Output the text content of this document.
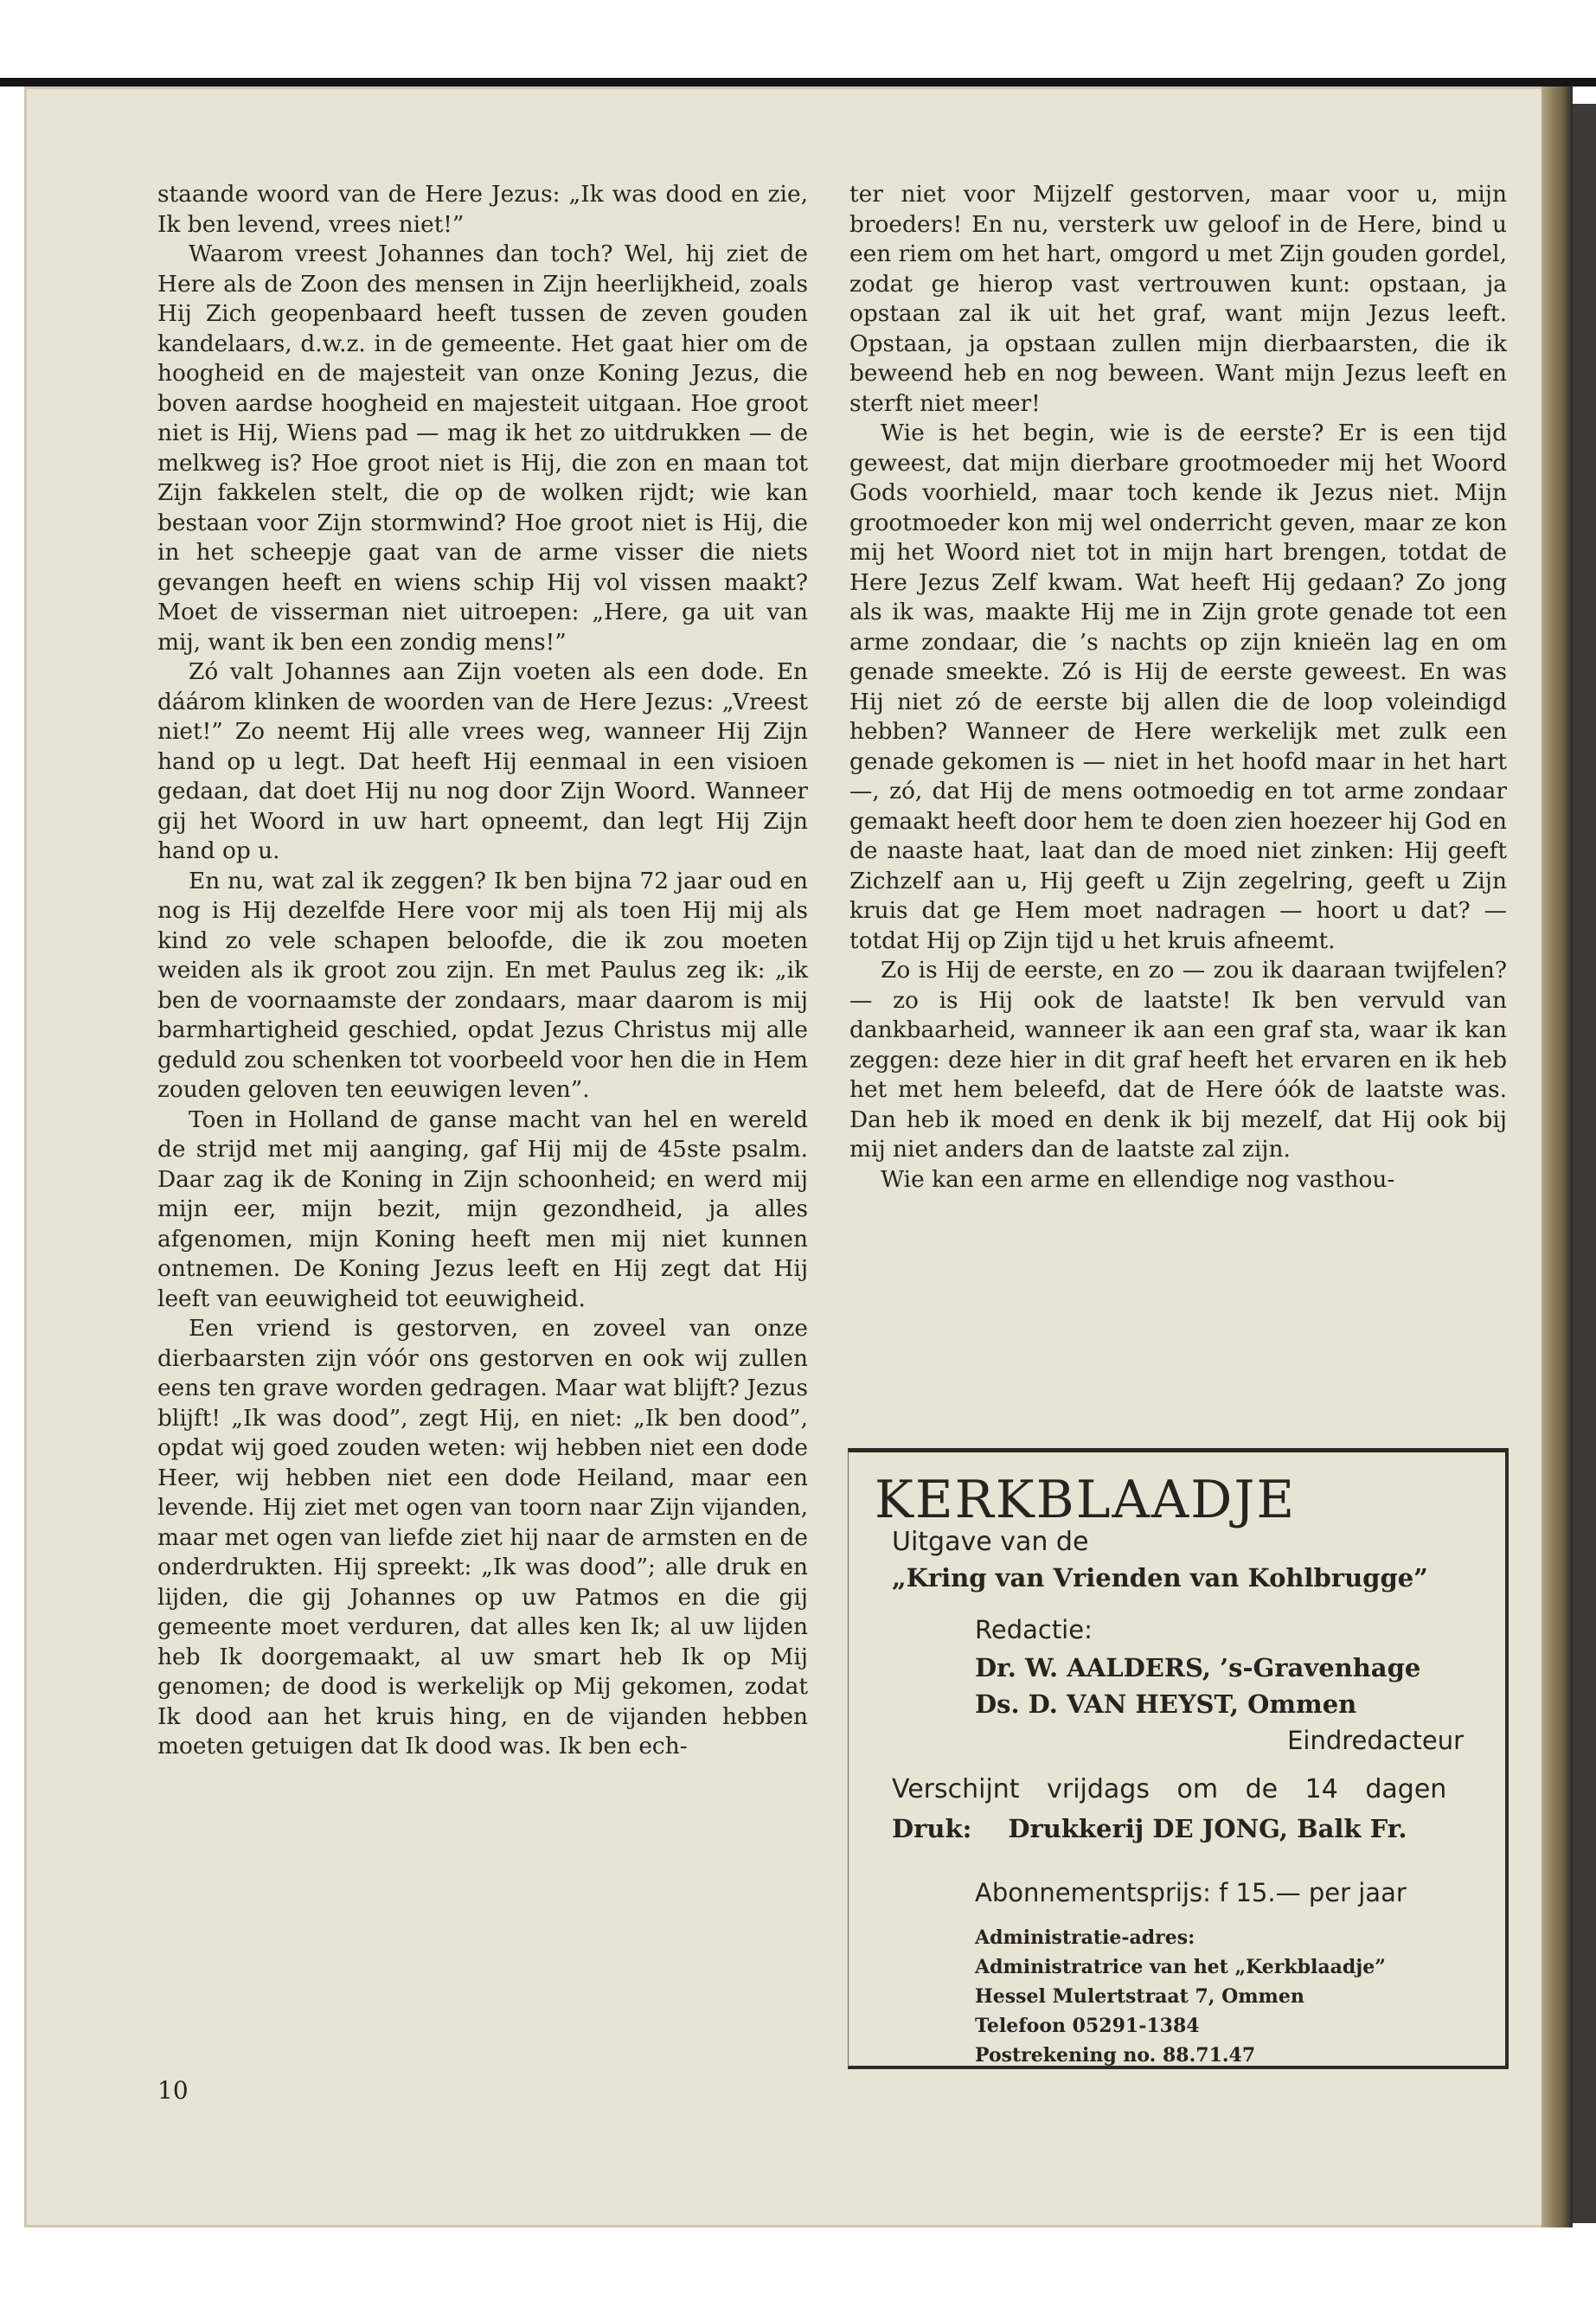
staande woord van de Here Jezus: „Ik was dood en zie, Ik ben levend, vrees niet!”

Waarom vreest Johannes dan toch? Wel, hij ziet de Here als de Zoon des mensen in Zijn heerlijkheid, zoals Hij Zich geopenbaard heeft tussen de zeven gouden kandelaars, d.w.z. in de gemeente. Het gaat hier om de hoogheid en de majesteit van onze Koning Jezus, die boven aardse hoogheid en majesteit uitgaan. Hoe groot niet is Hij, Wiens pad — mag ik het zo uitdrukken — de melkweg is? Hoe groot niet is Hij, die zon en maan tot Zijn fakkelen stelt, die op de wolken rijdt; wie kan bestaan voor Zijn stormwind? Hoe groot niet is Hij, die in het scheepje gaat van de arme visser die niets gevangen heeft en wiens schip Hij vol vissen maakt? Moet de visserman niet uitroepen: „Here, ga uit van mij, want ik ben een zondig mens!”

Zó valt Johannes aan Zijn voeten als een dode. En dáárom klinken de woorden van de Here Jezus: „Vreest niet!” Zo neemt Hij alle vrees weg, wanneer Hij Zijn hand op u legt. Dat heeft Hij eenmaal in een visioen gedaan, dat doet Hij nu nog door Zijn Woord. Wanneer gij het Woord in uw hart opneemt, dan legt Hij Zijn hand op u.

En nu, wat zal ik zeggen? Ik ben bijna 72 jaar oud en nog is Hij dezelfde Here voor mij als toen Hij mij als kind zo vele schapen beloofde, die ik zou moeten weiden als ik groot zou zijn. En met Paulus zeg ik: „ik ben de voornaamste der zondaars, maar daarom is mij barmhartigheid geschied, opdat Jezus Christus mij alle geduld zou schenken tot voorbeeld voor hen die in Hem zouden geloven ten eeuwigen leven”.

Toen in Holland de ganse macht van hel en wereld de strijd met mij aanging, gaf Hij mij de 45ste psalm. Daar zag ik de Koning in Zijn schoonheid; en werd mij mijn eer, mijn bezit, mijn gezondheid, ja alles afgenomen, mijn Koning heeft men mij niet kunnen ontnemen. De Koning Jezus leeft en Hij zegt dat Hij leeft van eeuwigheid tot eeuwigheid.

Een vriend is gestorven, en zoveel van onze dierbaarsten zijn vóór ons gestorven en ook wij zullen eens ten grave worden gedragen. Maar wat blijft? Jezus blijft! „Ik was dood”, zegt Hij, en niet: „Ik ben dood”, opdat wij goed zouden weten: wij hebben niet een dode Heer, wij hebben niet een dode Heiland, maar een levende. Hij ziet met ogen van toorn naar Zijn vijanden, maar met ogen van liefde ziet hij naar de armsten en de onderdrukten. Hij spreekt: „Ik was dood”; alle druk en lijden, die gij Johannes op uw Patmos en die gij gemeente moet verduren, dat alles ken Ik; al uw lijden heb Ik doorgemaakt, al uw smart heb Ik op Mij genomen; de dood is werkelijk op Mij gekomen, zodat Ik dood aan het kruis hing, en de vijanden hebben moeten getuigen dat Ik dood was. Ik ben ech-

10

ter niet voor Mijzelf gestorven, maar voor u, mijn broeders! En nu, versterk uw geloof in de Here, bind u een riem om het hart, omgord u met Zijn gouden gordel, zodat ge hierop vast vertrouwen kunt: opstaan, ja opstaan zal ik uit het graf, want mijn Jezus leeft. Opstaan, ja opstaan zullen mijn dierbaarsten, die ik beweend heb en nog beween. Want mijn Jezus leeft en sterft niet meer!

Wie is het begin, wie is de eerste? Er is een tijd geweest, dat mijn dierbare grootmoeder mij het Woord Gods voorhield, maar toch kende ik Jezus niet. Mijn grootmoeder kon mij wel onderricht geven, maar ze kon mij het Woord niet tot in mijn hart brengen, totdat de Here Jezus Zelf kwam. Wat heeft Hij gedaan? Zo jong als ik was, maakte Hij me in Zijn grote genade tot een arme zondaar, die ’s nachts op zijn knieën lag en om genade smeekte. Zó is Hij de eerste geweest. En was Hij niet zó de eerste bij allen die de loop voleindigd hebben? Wanneer de Here werkelijk met zulk een genade gekomen is — niet in het hoofd maar in het hart —, zó, dat Hij de mens ootmoedig en tot arme zondaar gemaakt heeft door hem te doen zien hoezeer hij God en de naaste haat, laat dan de moed niet zinken: Hij geeft Zichzelf aan u, Hij geeft u Zijn zegelring, geeft u Zijn kruis dat ge Hem moet nadragen — hoort u dat? — totdat Hij op Zijn tijd u het kruis afneemt.

Zo is Hij de eerste, en zo — zou ik daaraan twijfelen? — zo is Hij ook de laatste! Ik ben vervuld van dankbaarheid, wanneer ik aan een graf sta, waar ik kan zeggen: deze hier in dit graf heeft het ervaren en ik heb het met hem beleefd, dat de Here óók de laatste was. Dan heb ik moed en denk ik bij mezelf, dat Hij ook bij mij niet anders dan de laatste zal zijn.

Wie kan een arme en ellendige nog vasthou-

KERKBLAADJE
Uitgave van de
„Kring van Vrienden van Kohlbrugge”
Redactie:
Dr. W. AALDERS, ’s-Gravenhage
Ds. D. VAN HEYST, Ommen
Eindredacteur
Verschijnt vrijdags om de 14 dagen
Druk: Drukkerij DE JONG, Balk Fr.
Abonnementsprijs: f 15.— per jaar
Administratie-adres:
Administratrice van het „Kerkblaadje”
Hessel Mulertstraat 7, Ommen
Telefoon 05291-1384
Postrekening no. 88.71.47
